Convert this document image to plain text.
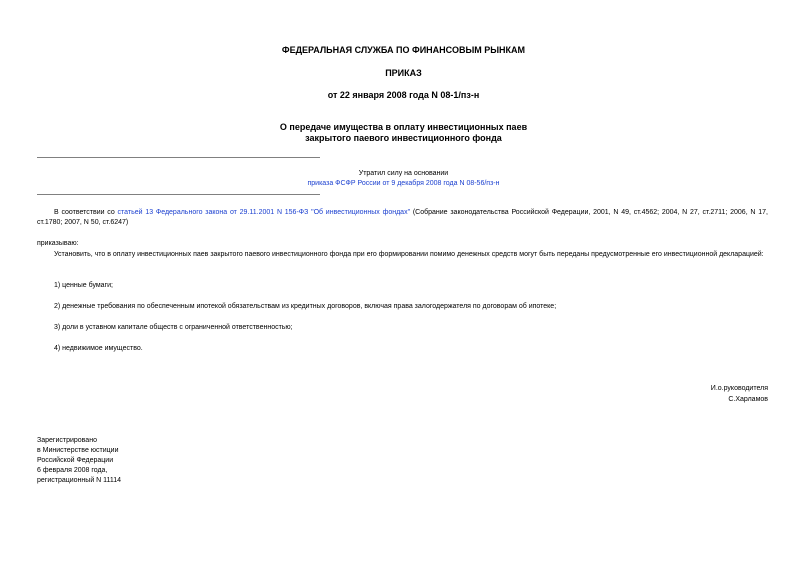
ФЕДЕРАЛЬНАЯ СЛУЖБА ПО ФИНАНСОВЫМ РЫНКАМ
ПРИКАЗ
от 22 января 2008 года N 08-1/пз-н
О передаче имущества в оплату инвестиционных паев
закрытого паевого инвестиционного фонда
Утратил силу на основании
приказа ФСФР России от 9 декабря 2008 года N 08-56/пз-н
В соответствии со статьей 13 Федерального закона от 29.11.2001 N 156-ФЗ "Об инвестиционных фондах" (Собрание законодательства Российской Федерации, 2001, N 49, ст.4562; 2004, N 27, ст.2711; 2006, N 17, ст.1780; 2007, N 50, ст.6247)
приказываю:
Установить, что в оплату инвестиционных паев закрытого паевого инвестиционного фонда при его формировании помимо денежных средств могут быть переданы предусмотренные его инвестиционной декларацией:
1) ценные бумаги;
2) денежные требования по обеспеченным ипотекой обязательствам из кредитных договоров, включая права залогодержателя по договорам об ипотеке;
3) доли в уставном капитале обществ с ограниченной ответственностью;
4) недвижимое имущество.
И.о.руководителя
С.Харламов
Зарегистрировано
в Министерстве юстиции
Российской Федерации
6 февраля 2008 года,
регистрационный N 11114
